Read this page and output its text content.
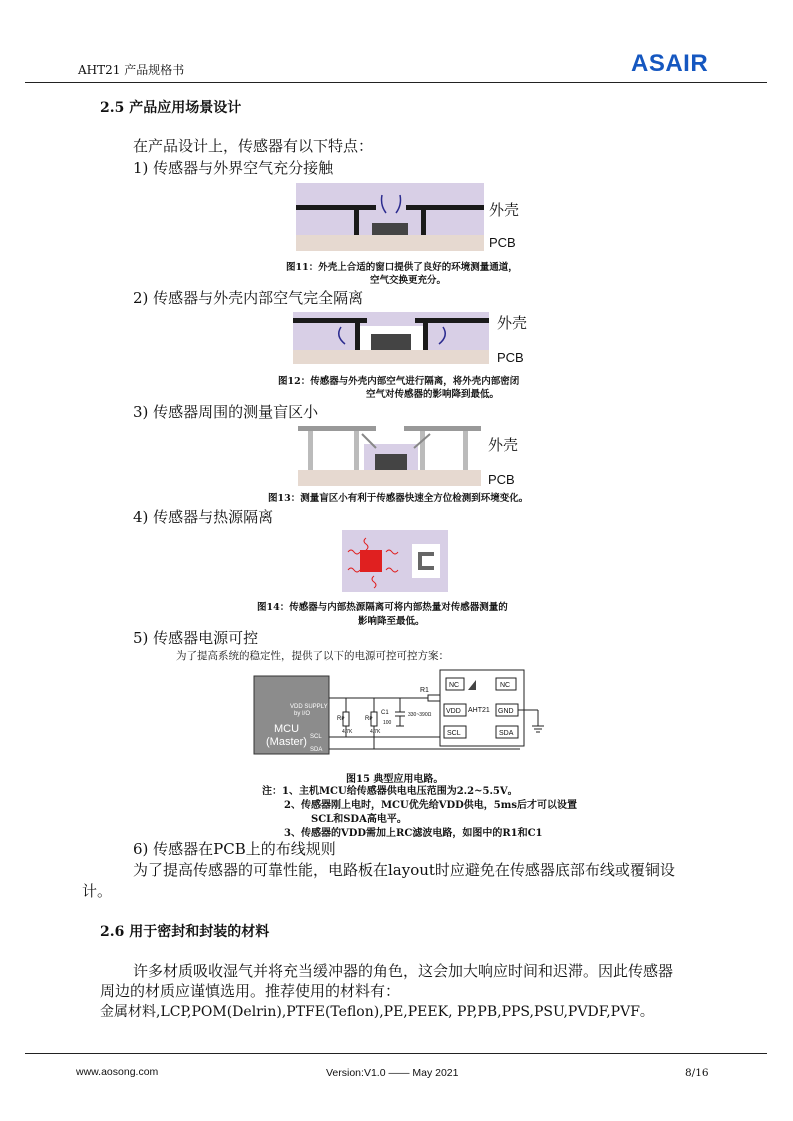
AHT21 产品规格书	ASAIR
2.5 产品应用场景设计
在产品设计上，传感器有以下特点：
1) 传感器与外界空气充分接触
外壳
PCB
图11：外壳上合适的窗口提供了良好的环境测量通道，
空气交换更充分。
2) 传感器与外壳内部空气完全隔离
外壳
PCB
图12：传感器与外壳内部空气进行隔离，将外壳内部密闭
空气对传感器的影响降到最低。
3) 传感器周围的测量盲区小
外壳
PCB
图13：测量盲区小有利于传感器快速全方位检测到环境变化。
4) 传感器与热源隔离
图14：传感器与内部热源隔离可将内部热量对传感器测量的
影响降至最低。
5) 传感器电源可控
为了提高系统的稳定性，提供了以下的电源可控可控方案：
VDD SUPPLY
by I/O
MCU
(Master) SCL
SDA
R1
Rᴘ
4.7K
Rᴘ
4.7K
C1
100
330~390Ω
NC	NC
VDD AHT21 GND
SCL	SDA
图15 典型应用电路。
注：1、主机MCU给传感器供电电压范围为2.2~5.5V。
2、传感器刚上电时，MCU优先给VDD供电，5ms后才可以设置
SCL和SDA高电平。
3、传感器的VDD需加上RC滤波电路，如图中的R1和C1
6) 传感器在PCB上的布线规则
为了提高传感器的可靠性能，电路板在layout时应避免在传感器底部布线或覆铜设
计。
2.6 用于密封和封装的材料
许多材质吸收湿气并将充当缓冲器的角色，这会加大响应时间和迟滞。因此传感器
周边的材质应谨慎选用。推荐使用的材料有：
金属材料,LCP,POM(Delrin),PTFE(Teflon),PE,PEEK, PP,PB,PPS,PSU,PVDF,PVF。
www.aosong.com	Version:V1.0 —— May 2021	8/16
